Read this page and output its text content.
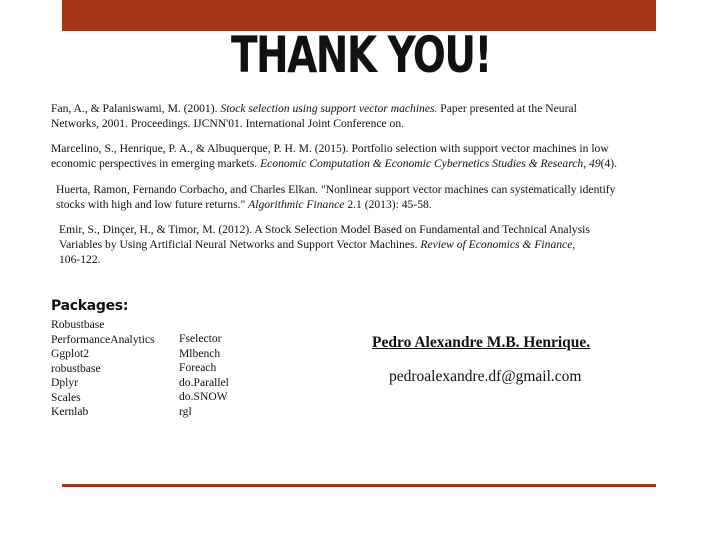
THANK YOU!
Fan, A., & Palaniswami, M. (2001). Stock selection using support vector machines. Paper presented at the Neural Networks, 2001. Proceedings. IJCNN'01. International Joint Conference on.
Marcelino, S., Henrique, P. A., & Albuquerque, P. H. M. (2015). Portfolio selection with support vector machines in low economic perspectives in emerging markets. Economic Computation & Economic Cybernetics Studies & Research, 49(4).
Huerta, Ramon, Fernando Corbacho, and Charles Elkan. "Nonlinear support vector machines can systematically identify stocks with high and low future returns." Algorithmic Finance 2.1 (2013): 45-58.
Emir, S., Dinçer, H., & Timor, M. (2012). A Stock Selection Model Based on Fundamental and Technical Analysis Variables by Using Artificial Neural Networks and Support Vector Machines. Review of Economics & Finance, 106-122.
Packages:
Robustbase
PerformanceAnalytics
Ggplot2
robustbase
Dplyr
Scales
Kernlab
Fselector
Mlbench
Foreach
do.Parallel
do.SNOW
rgl
Pedro Alexandre M.B. Henrique.
pedroalexandre.df@gmail.com
